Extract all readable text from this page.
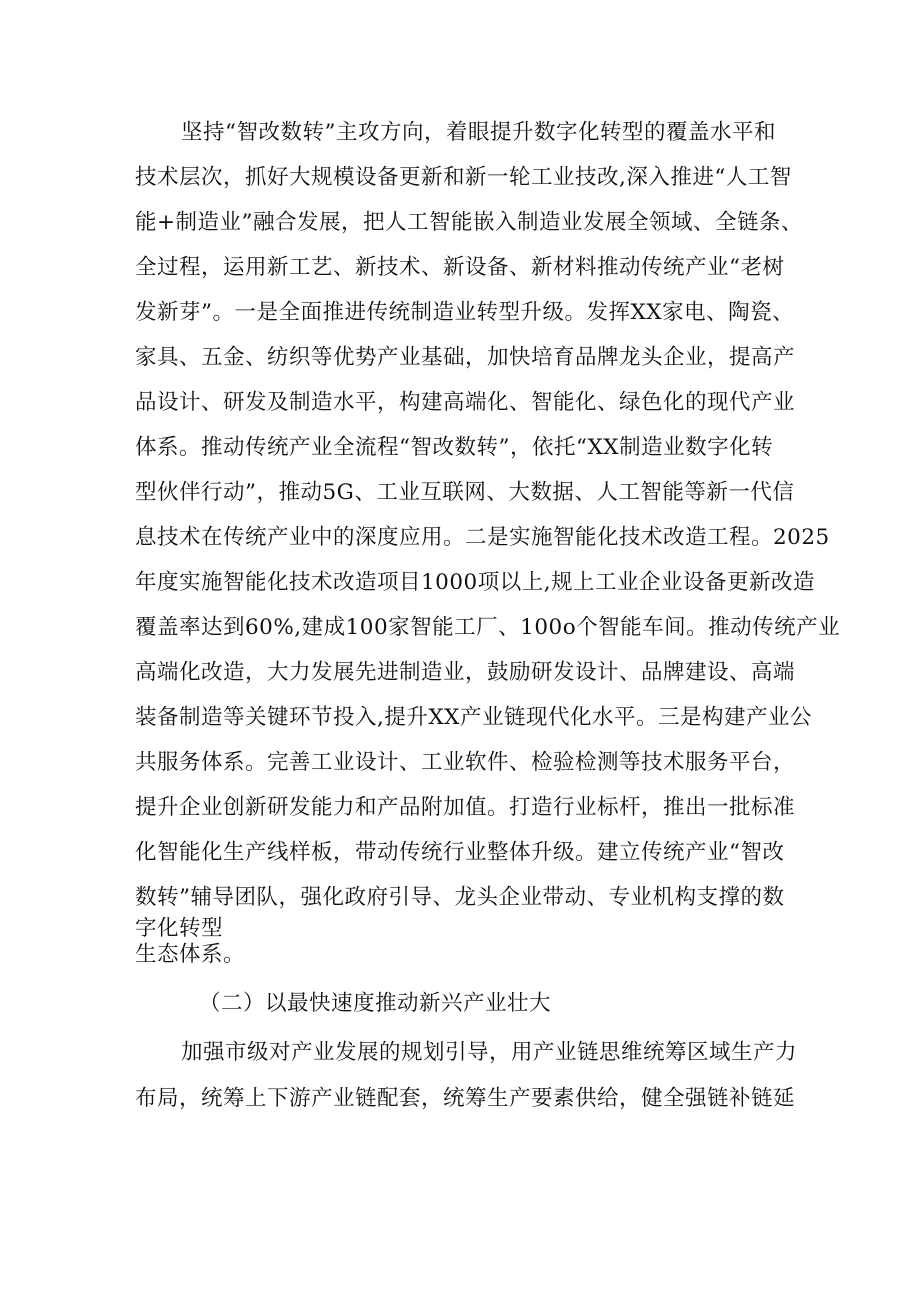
坚持“智改数转”主攻方向，着眼提升数字化转型的覆盖水平和
技术层次，抓好大规模设备更新和新一轮工业技改,深入推进“人工智
能+制造业”融合发展，把人工智能嵌入制造业发展全领域、全链条、
全过程，运用新工艺、新技术、新设备、新材料推动传统产业“老树
发新芽”。一是全面推进传统制造业转型升级。发挥XX家电、陶瓷、
家具、五金、纺织等优势产业基础，加快培育品牌龙头企业，提高产
品设计、研发及制造水平，构建高端化、智能化、绿色化的现代产业
体系。推动传统产业全流程“智改数转”，依托“XX制造业数字化转
型伙伴行动”，推动5G、工业互联网、大数据、人工智能等新一代信
息技术在传统产业中的深度应用。二是实施智能化技术改造工程。2025
年度实施智能化技术改造项目1000项以上,规上工业企业设备更新改造
覆盖率达到60%,建成100家智能工厂、100o个智能车间。推动传统产业
高端化改造，大力发展先进制造业，鼓励研发设计、品牌建设、高端
装备制造等关键环节投入,提升XX产业链现代化水平。三是构建产业公
共服务体系。完善工业设计、工业软件、检验检测等技术服务平台，
提升企业创新研发能力和产品附加值。打造行业标杆，推出一批标准
化智能化生产线样板，带动传统行业整体升级。建立传统产业“智改
数转”辅导团队，强化政府引导、龙头企业带动、专业机构支撑的数
字化转型
生态体系。
（二）以最快速度推动新兴产业壮大
加强市级对产业发展的规划引导，用产业链思维统筹区域生产力
布局，统筹上下游产业链配套，统筹生产要素供给，健全强链补链延
